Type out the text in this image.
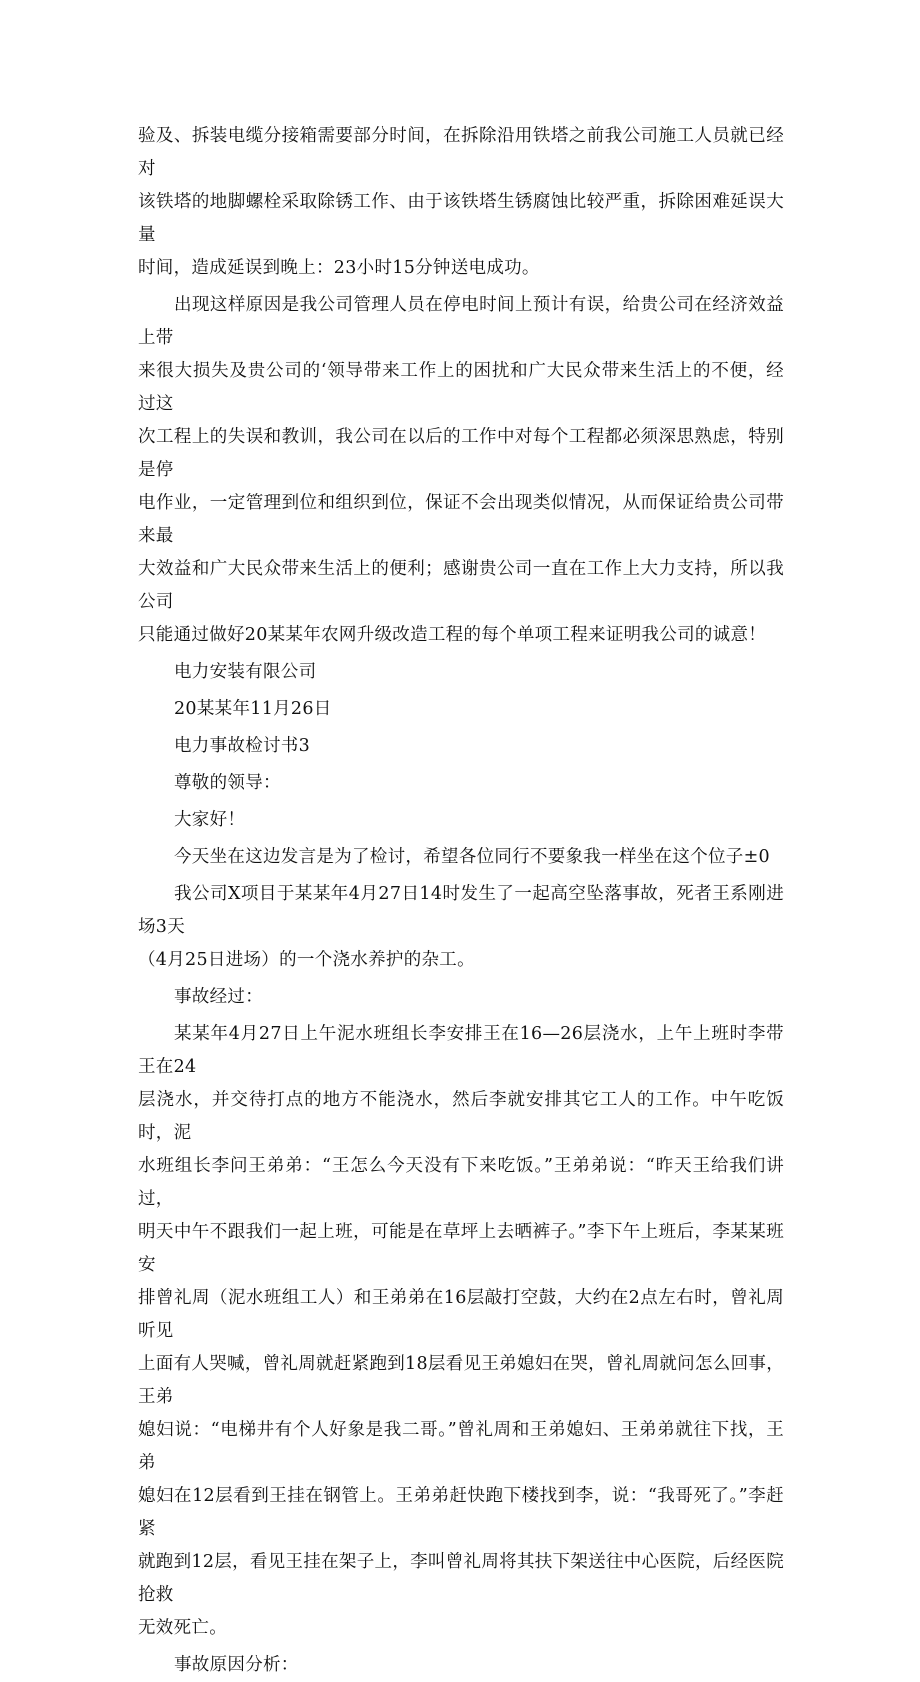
验及、拆装电缆分接箱需要部分时间，在拆除沿用铁塔之前我公司施工人员就已经对

该铁塔的地脚螺栓采取除锈工作、由于该铁塔生锈腐蚀比较严重，拆除困难延误大量

时间，造成延误到晚上：23小时15分钟送电成功。

出现这样原因是我公司管理人员在停电时间上预计有误，给贵公司在经济效益上带

来很大损失及贵公司的‘领导带来工作上的困扰和广大民众带来生活上的不便，经过这

次工程上的失误和教训，我公司在以后的工作中对每个工程都必须深思熟虑，特别是停

电作业，一定管理到位和组织到位，保证不会出现类似情况，从而保证给贵公司带来最

大效益和广大民众带来生活上的便利；感谢贵公司一直在工作上大力支持，所以我公司

只能通过做好20某某年农网升级改造工程的每个单项工程来证明我公司的诚意！

电力安装有限公司

20某某年11月26日

电力事故检讨书3

尊敬的领导：

大家好！

今天坐在这边发言是为了检讨，希望各位同行不要象我一样坐在这个位子±0

我公司X项目于某某年4月27日14时发生了一起高空坠落事故，死者王系刚进场3天

（4月25日进场）的一个浇水养护的杂工。

事故经过：

某某年4月27日上午泥水班组长李安排王在16—26层浇水，上午上班时李带王在24

层浇水，并交待打点的地方不能浇水，然后李就安排其它工人的工作。中午吃饭时，泥

水班组长李问王弟弟：“王怎么今天没有下来吃饭。”王弟弟说：“昨天王给我们讲过，

明天中午不跟我们一起上班，可能是在草坪上去晒裤子。”李下午上班后，李某某班安

排曾礼周（泥水班组工人）和王弟弟在16层敲打空鼓，大约在2点左右时，曾礼周听见

上面有人哭喊，曾礼周就赶紧跑到18层看见王弟媳妇在哭，曾礼周就问怎么回事，王弟

媳妇说：“电梯井有个人好象是我二哥。”曾礼周和王弟媳妇、王弟弟就往下找，王弟

媳妇在12层看到王挂在钢管上。王弟弟赶快跑下楼找到李，说：“我哥死了。”李赶紧

就跑到12层，看见王挂在架子上，李叫曾礼周将其扶下架送往中心医院，后经医院抢救

无效死亡。

事故原因分析：
